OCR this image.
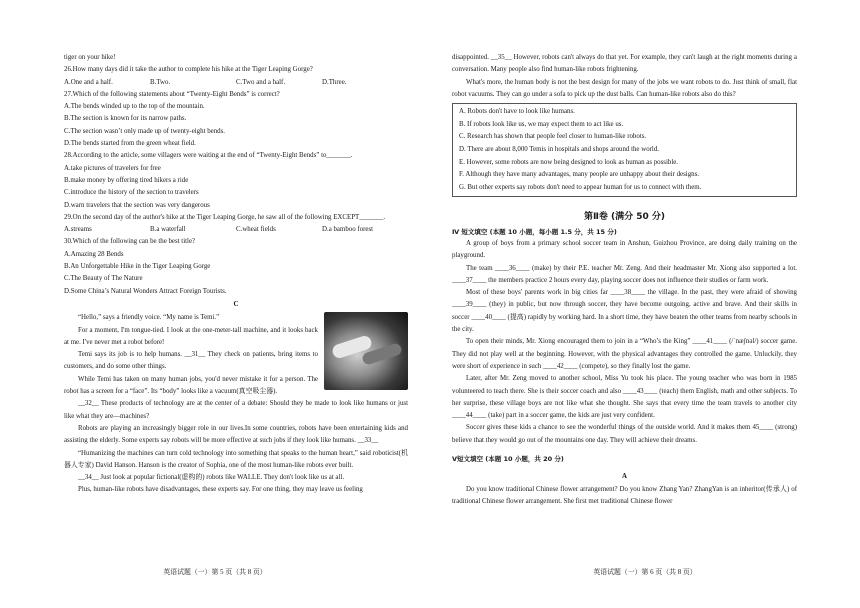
tiger on your hike!

26.How many days did it take the author to complete his hike at the Tiger Leaping Gorge?

A.One and a half.	B.Two.	C.Two and a half.	D.Three.

27.Which of the following statements about “Twenty-Eight Bends” is correct?

A.The bends winded up to the top of the mountain.

B.The section is known for its narrow paths.

C.The section wasn’t only made up of twenty-eight bends.

D.The bends started from the green wheat field.

28.According to the article, some villagers were waiting at the end of “Twenty-Eight Bends” to_______.

A.take pictures of travelers for free

B.make money by offering tired hikers a ride

C.introduce the history of the section to travelers

D.warn travelers that the section was very dangerous

29.On the second day of the author's hike at the Tiger Leaping Gorge, he saw all of the following EXCEPT_______.

A.streams	B.a waterfall	C.wheat fields	D.a bamboo forest

30.Which of the following can be the best title?

A.Amazing 28 Bends

B.An Unforgettable Hike in the Tiger Leaping Gorge

C.The Beauty of The Nature

D.Some China’s Natural Wonders Attract Foreign Tourists.

C

“Hello,” says a friendly voice. “My name is Temi.”

For a moment, I'm tongue-tied. I look at the one-meter-tall machine, and it looks back at me. I've never met a robot before!

Temi says its job is to help humans. __31__ They check on patients, bring items to customers, and do some other things.

While Temi has taken on many human jobs, you'd never mistake it for a person. The robot has a screen for a “face”. Its “body” looks like a vacuum(真空吸尘器).

__32__ These products of technology are at the center of a debate: Should they be made to look like humans or just like what they are—machines?

Robots are playing an increasingly bigger role in our lives.In some countries, robots have been entertaining kids and assisting the elderly. Some experts say robots will be more effective at such jobs if they look like humans. __33__

“Humanizing the machines can turn cold technology into something that speaks to the human heart,” said roboticist(机器人专家) David Hanson. Hanson is the creator of Sophia, one of the most human-like robots ever built.

__34__ Just look at popular fictional(虚构的) robots like WALLE. They don't look like us at all.

Plus, human-like robots have disadvantages, these experts say. For one thing, they may leave us feeling

英语试题（一）第 5 页（共 8 页）

disappointed. __35__ However, robots can't always do that yet. For example, they can't laugh at the right moments during a conversation. Many people also find human-like robots frightening.

What's more, the human body is not the best design for many of the jobs we want robots to do. Just think of small, flat robot vacuums. They can go under a sofa to pick up the dust balls. Can human-like robots also do this?

A. Robots don't have to look like humans.

B. If robots look like us, we may expect them to act like us.

C. Research has shown that people feel closer to human-like robots.

D. There are about 8,000 Temis in hospitals and shops around the world.

E. However, some robots are now being designed to look as human as possible.

F. Although they have many advantages, many people are unhappy about their designs.

G. But other experts say robots don't need to appear human for us to connect with them.

第Ⅱ卷 (满分 50 分)

Ⅳ 短文填空 (本题 10 小题，每小题 1.5 分，共 15 分)

A group of boys from a primary school soccer team in Anshun, Guizhou Province, are doing daily training on the playground.

The team ____36____ (make) by their P.E. teacher Mr. Zeng. And their headmaster Mr. Xiong also supported a lot. ____37____ the members practice 2 hours every day, playing soccer does not influence their studies or farm work.

Most of these boys' parents work in big cities far ____38____ the village. In the past, they were afraid of showing ____39____ (they) in public, but now through soccer, they have become outgoing, active and brave. And their skills in soccer ____40____ (提高) rapidly by working hard. In a short time, they have beaten the other teams from nearby schools in the city.

To open their minds, Mr. Xiong encouraged them to join in a “Who’s the King” ____41____ (/ˈnæʃnəl/) soccer game. They did not play well at the beginning. However, with the physical advantages they controlled the game. Unluckily, they were short of experience in such ____42____ (compete), so they finally lost the game.

Later, after Mr. Zeng moved to another school, Miss Yu took his place. The young teacher who was born in 1985 volunteered to teach there. She is their soccer coach and also ____43____ (teach) them English, math and other subjects. To her surprise, these village boys are not like what she thought. She says that every time the team travels to another city ____44____ (take) part in a soccer game, the kids are just very confident.

Soccer gives these kids a chance to see the wonderful things of the outside world. And it makes them 45____ (strong) believe that they would go out of the mountains one day. They will achieve their dreams.

Ⅴ短文填空 (本题 10 小题，共 20 分)

A

Do you know traditional Chinese flower arrangement? Do you know Zhang Yan? ZhangYan is an inheritor(传承人) of traditional Chinese flower arrangement. She first met traditional Chinese flower

英语试题（一）第 6 页（共 8 页）
